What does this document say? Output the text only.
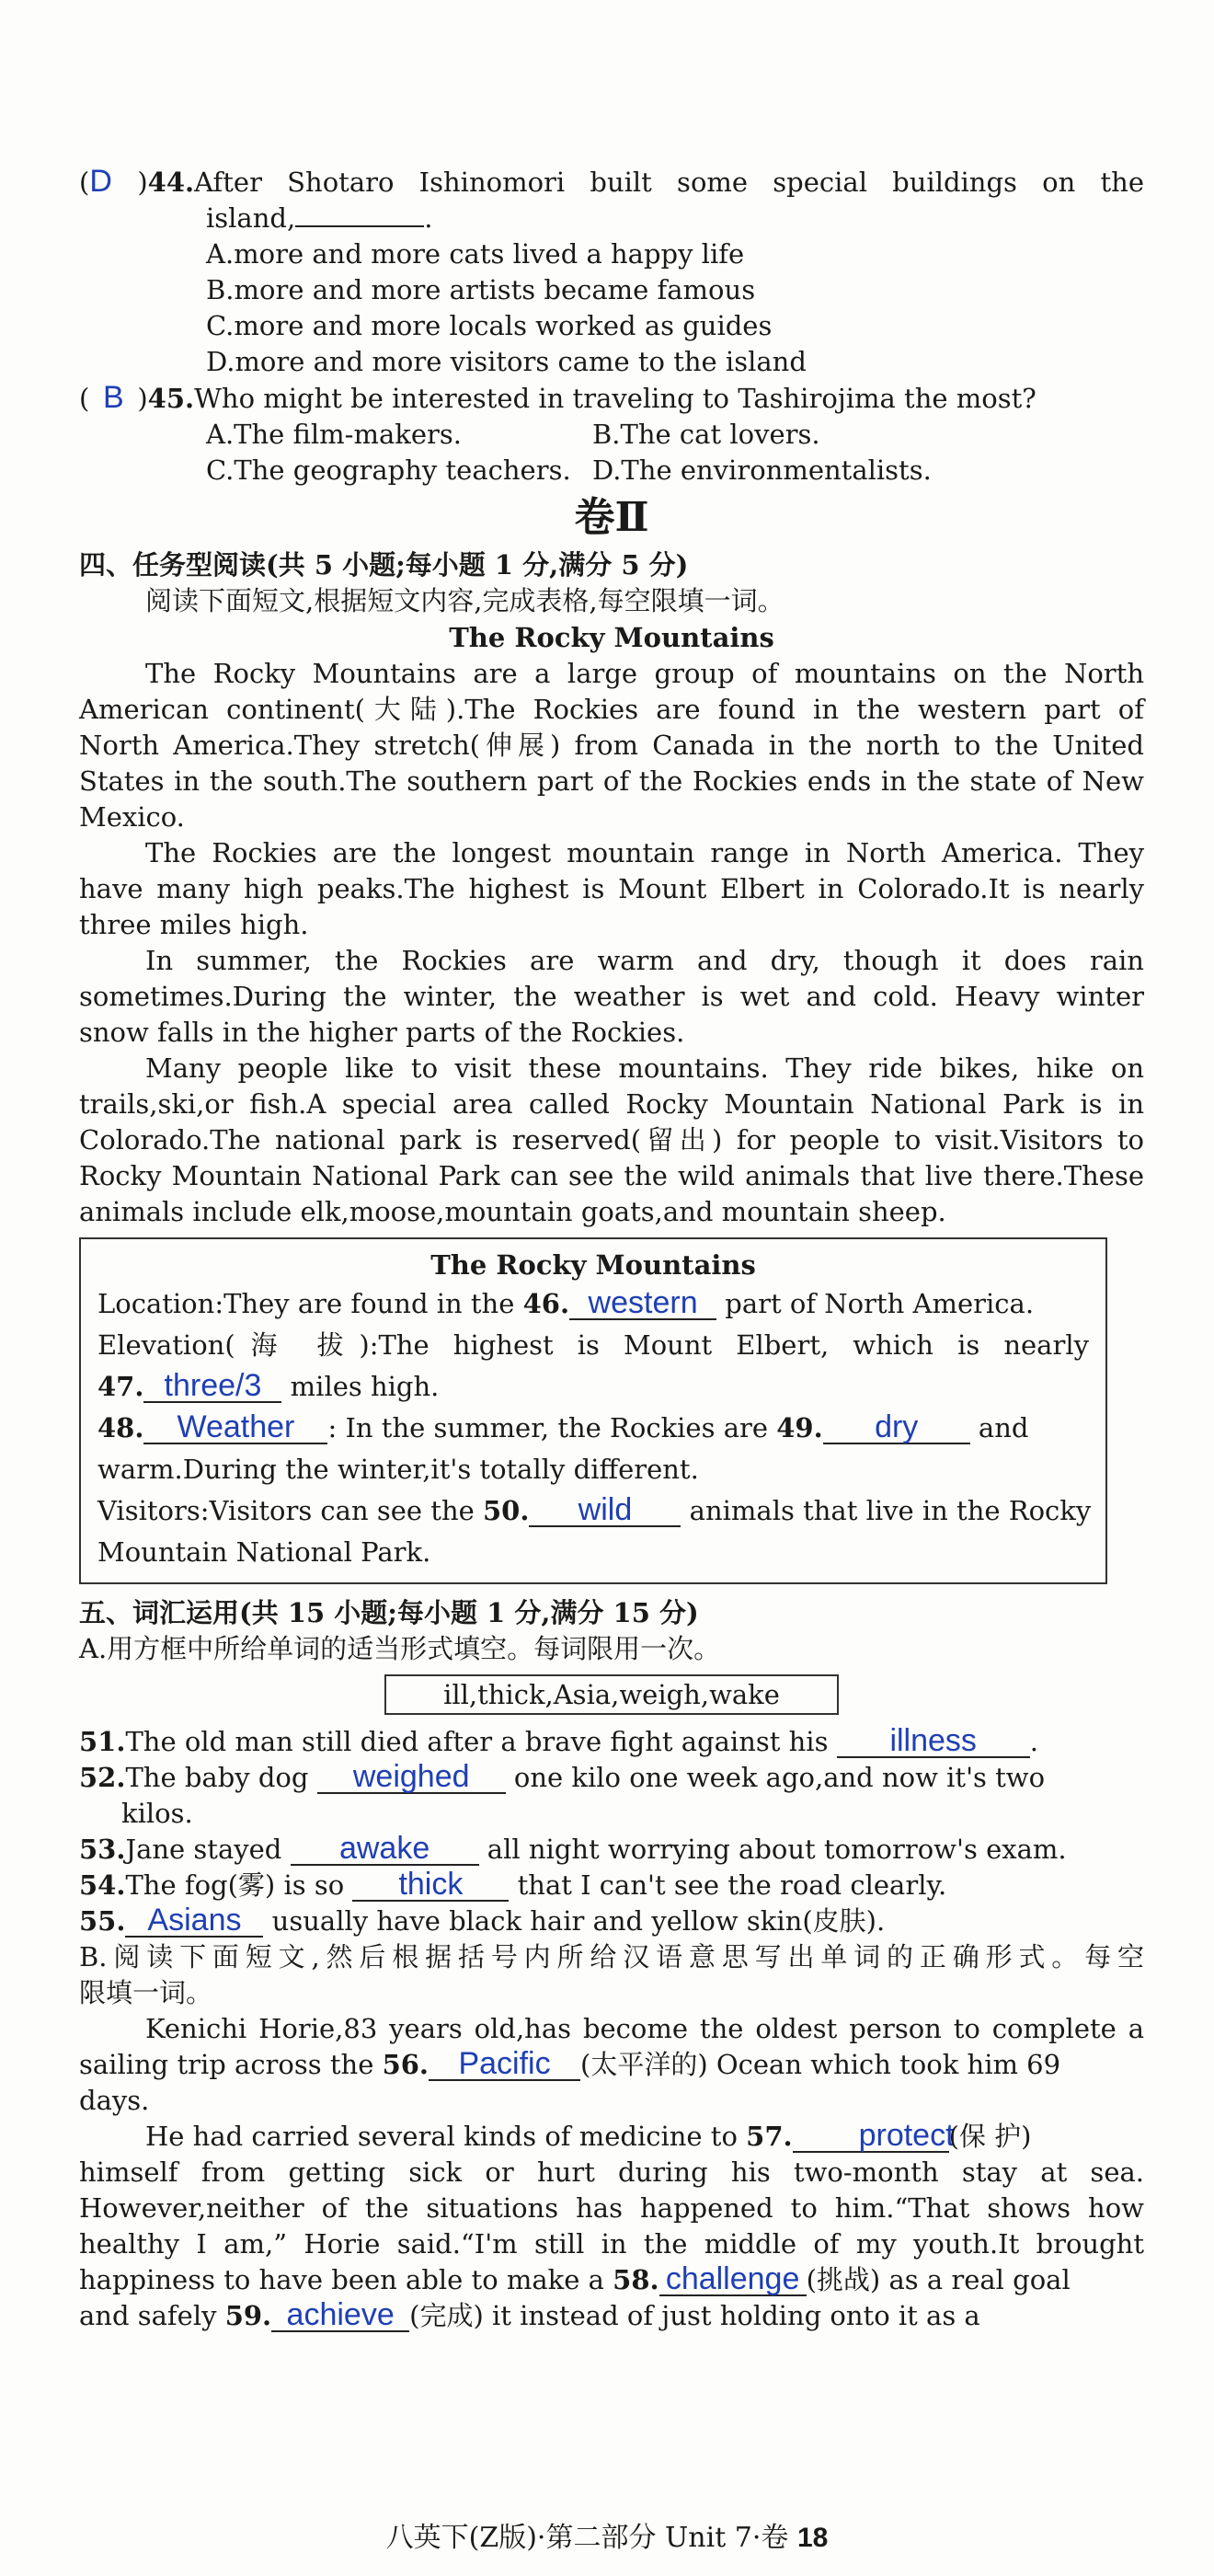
(D )44.After Shotaro Ishinomori built some special buildings on the
island,	.
A.more and more cats lived a happy life
B.more and more artists became famous
C.more and more locals worked as guides
D.more and more visitors came to the island
( B )45.Who might be interested in traveling to Tashirojima the most?
A.The film-makers.	B.The cat lovers.
C.The geography teachers. D.The environmentalists.
卷Ⅱ
四、任务型阅读(共 5 小题;每小题 1 分,满分 5 分)
阅读下面短文,根据短文内容,完成表格,每空限填一词。
The Rocky Mountains
The Rocky Mountains are a large group of mountains on the North
American continent(大陆).The Rockies are found in the western part of
North America.They stretch(伸展) from Canada in the north to the United
States in the south.The southern part of the Rockies ends in the state of New
Mexico.
The Rockies are the longest mountain range in North America. They
have many high peaks.The highest is Mount Elbert in Colorado.It is nearly
three miles high.
In summer, the Rockies are warm and dry, though it does rain
sometimes.During the winter, the weather is wet and cold. Heavy winter
snow falls in the higher parts of the Rockies.
Many people like to visit these mountains. They ride bikes, hike on
trails,ski,or fish.A special area called Rocky Mountain National Park is in
Colorado.The national park is reserved(留出) for people to visit.Visitors to
Rocky Mountain National Park can see the wild animals that live there.These
animals include elk,moose,mountain goats,and mountain sheep.
The Rocky Mountains
Location:They are found in the 46. western part of North America.
Elevation(海 拔):The highest is Mount Elbert, which is nearly
47. three/3 miles high.
48. Weather : In the summer, the Rockies are 49. dry and
warm.During the winter,it's totally different.
Visitors:Visitors can see the 50. wild animals that live in the Rocky
Mountain National Park.
五、词汇运用(共 15 小题;每小题 1 分,满分 15 分)
A.用方框中所给单词的适当形式填空。每词限用一次。
ill,thick,Asia,weigh,wake
51.The old man still died after a brave fight against his illness .
52.The baby dog weighed one kilo one week ago,and now it's two
kilos.
53.Jane stayed awake all night worrying about tomorrow's exam.
54.The fog(雾) is so thick that I can't see the road clearly.
55. Asians usually have black hair and yellow skin(皮肤).
B.阅读下面短文,然后根据括号内所给汉语意思写出单词的正确形式。每空
限填一词。
Kenichi Horie,83 years old,has become the oldest person to complete a
sailing trip across the 56. Pacific (太平洋的) Ocean which took him 69
days.
He had carried several kinds of medicine to 57. protect(保 护)
himself from getting sick or hurt during his two-month stay at sea.
However,neither of the situations has happened to him.“That shows how
healthy I am,” Horie said.“I'm still in the middle of my youth.It brought
happiness to have been able to make a 58. challenge (挑战) as a real goal
and safely 59. achieve (完成) it instead of just holding onto it as a
八英下(Z版)·第二部分 Unit 7·卷 18
